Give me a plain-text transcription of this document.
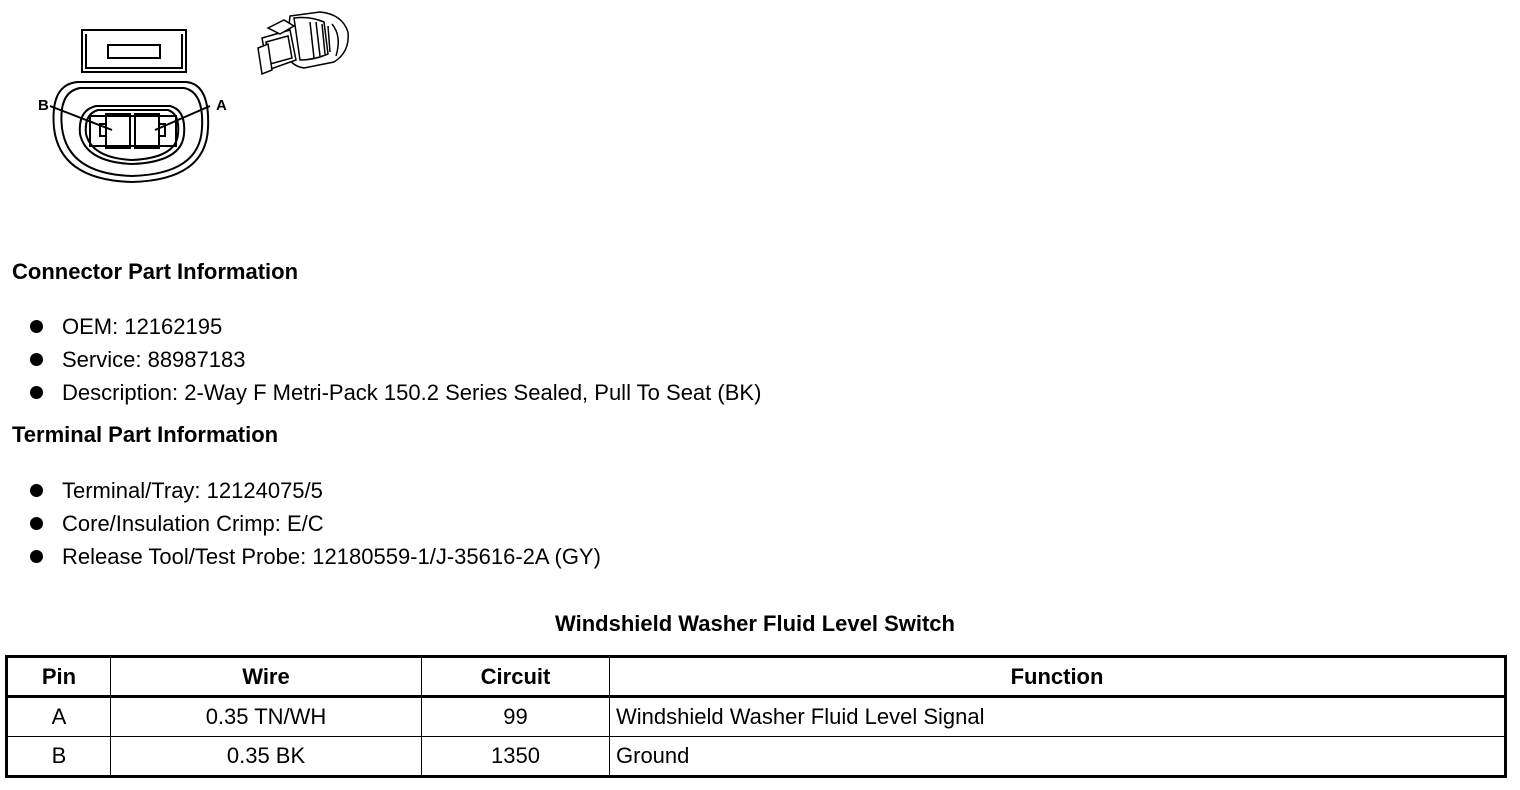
B	A
Connector Part Information
OEM: 12162195
Service: 88987183
Description: 2-Way F Metri-Pack 150.2 Series Sealed, Pull To Seat (BK)
Terminal Part Information
Terminal/Tray: 12124075/5
Core/Insulation Crimp: E/C
Release Tool/Test Probe: 12180559-1/J-35616-2A (GY)
Windshield Washer Fluid Level Switch
Pin	Wire	Circuit	Function
A	0.35 TN/WH	99	Windshield Washer Fluid Level Signal
B	0.35 BK	1350	Ground
